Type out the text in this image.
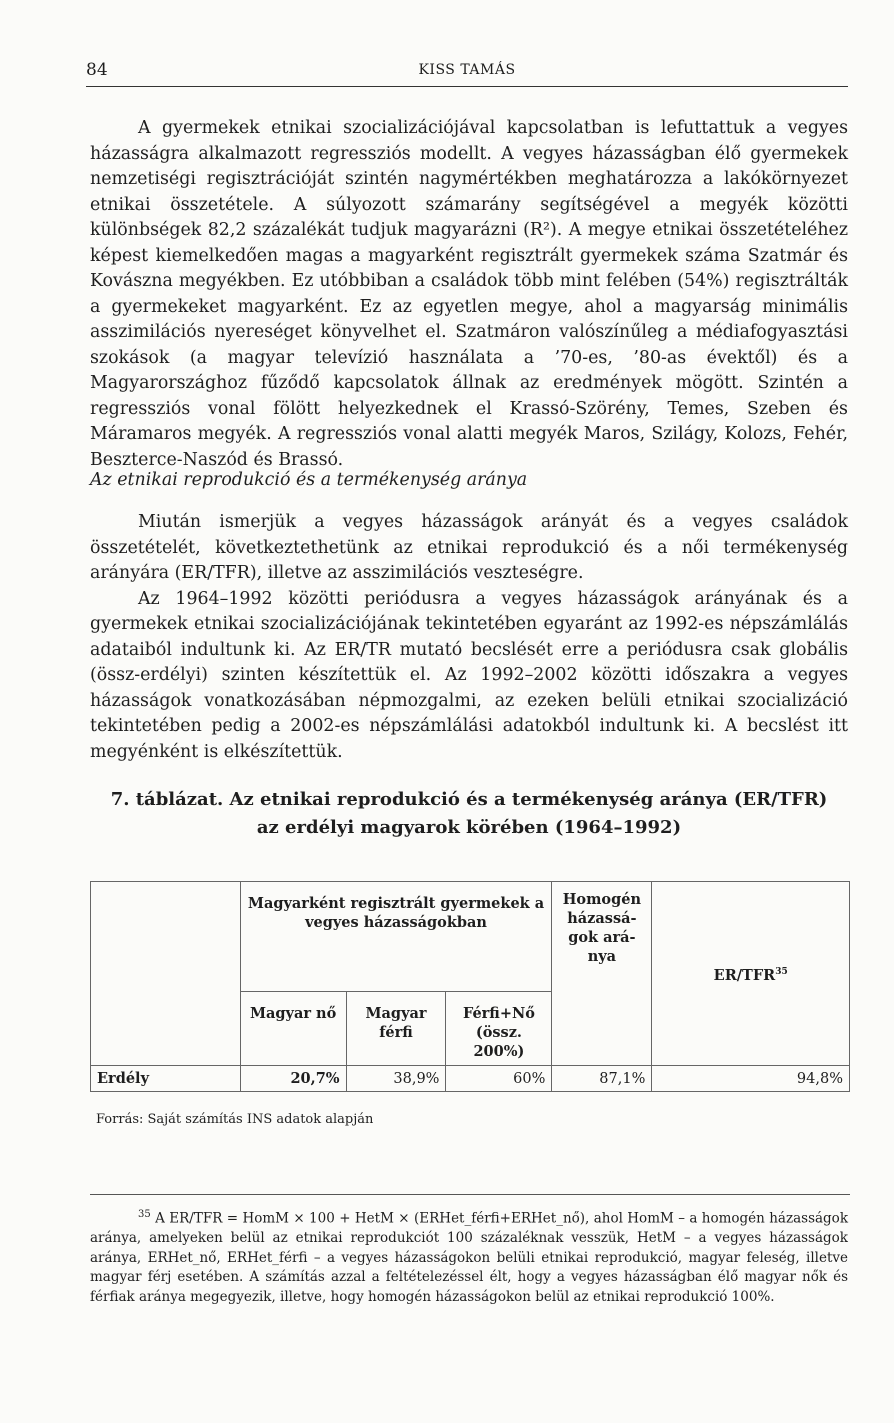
84	KISS TAMÁS

A gyermekek etnikai szocializációjával kapcsolatban is lefuttattuk a vegyes házasságra alkalmazott regressziós modellt. A vegyes házasságban élő gyermekek nemzetiségi regisztrációját szintén nagymértékben meghatározza a lakókörnyezet etnikai összetétele. A súlyozott számarány segítségével a megyék közötti különbségek 82,2 százalékát tudjuk magyarázni (R²). A megye etnikai összetételéhez képest kiemelkedően magas a magyarként regisztrált gyermekek száma Szatmár és Kovászna megyékben. Ez utóbbiban a családok több mint felében (54%) regisztrálták a gyermekeket magyarként. Ez az egyetlen megye, ahol a magyarság minimális asszimilációs nyereséget könyvelhet el. Szatmáron valószínűleg a médiafogyasztási szokások (a magyar televízió használata a ’70-es, ’80-as évektől) és a Magyarországhoz fűződő kapcsolatok állnak az eredmények mögött. Szintén a regressziós vonal fölött helyezkednek el Krassó-Szörény, Temes, Szeben és Máramaros megyék. A regressziós vonal alatti megyék Maros, Szilágy, Kolozs, Fehér, Beszterce-Naszód és Brassó.

Az etnikai reprodukció és a termékenység aránya

Miután ismerjük a vegyes házasságok arányát és a vegyes családok összetételét, következtethetünk az etnikai reprodukció és a női termékenység arányára (ER/TFR), illetve az asszimilációs veszteségre.

Az 1964–1992 közötti periódusra a vegyes házasságok arányának és a gyermekek etnikai szocializációjának tekintetében egyaránt az 1992-es népszámlálás adataiból indultunk ki. Az ER/TR mutató becslését erre a periódusra csak globális (össz-erdélyi) szinten készítettük el. Az 1992–2002 közötti időszakra a vegyes házasságok vonatkozásában népmozgalmi, az ezeken belüli etnikai szocializáció tekintetében pedig a 2002-es népszámlálási adatokból indultunk ki. A becslést itt megyénként is elkészítettük.

7. táblázat. Az etnikai reprodukció és a termékenység aránya (ER/TFR)
az erdélyi magyarok körében (1964–1992)
	Magyarként regisztrált gyermekek a vegyes házasságokban			Homogén házassá-gok ará-nya	ER/TFR$^{35}$
	Magyar nő	Magyar férfi	Férfi+Nő (össz. 200%)		
Erdély	20,7%	38,9%	60%	87,1%	94,8%
Forrás: Saját számítás INS adatok alapján

$^{35}$ A ER/TFR = HomM × 100 + HetM × (ERHet_férfi+ERHet_nő), ahol HomM – a homogén házasságok aránya, amelyeken belül az etnikai reprodukciót 100 százaléknak vesszük, HetM – a vegyes házasságok aránya, ERHet_nő, ERHet_férfi – a vegyes házasságokon belüli etnikai reprodukció, magyar feleség, illetve magyar férj esetében. A számítás azzal a feltételezéssel élt, hogy a vegyes házasságban élő magyar nők és férfiak aránya megegyezik, illetve, hogy homogén házasságokon belül az etnikai reprodukció 100%.
